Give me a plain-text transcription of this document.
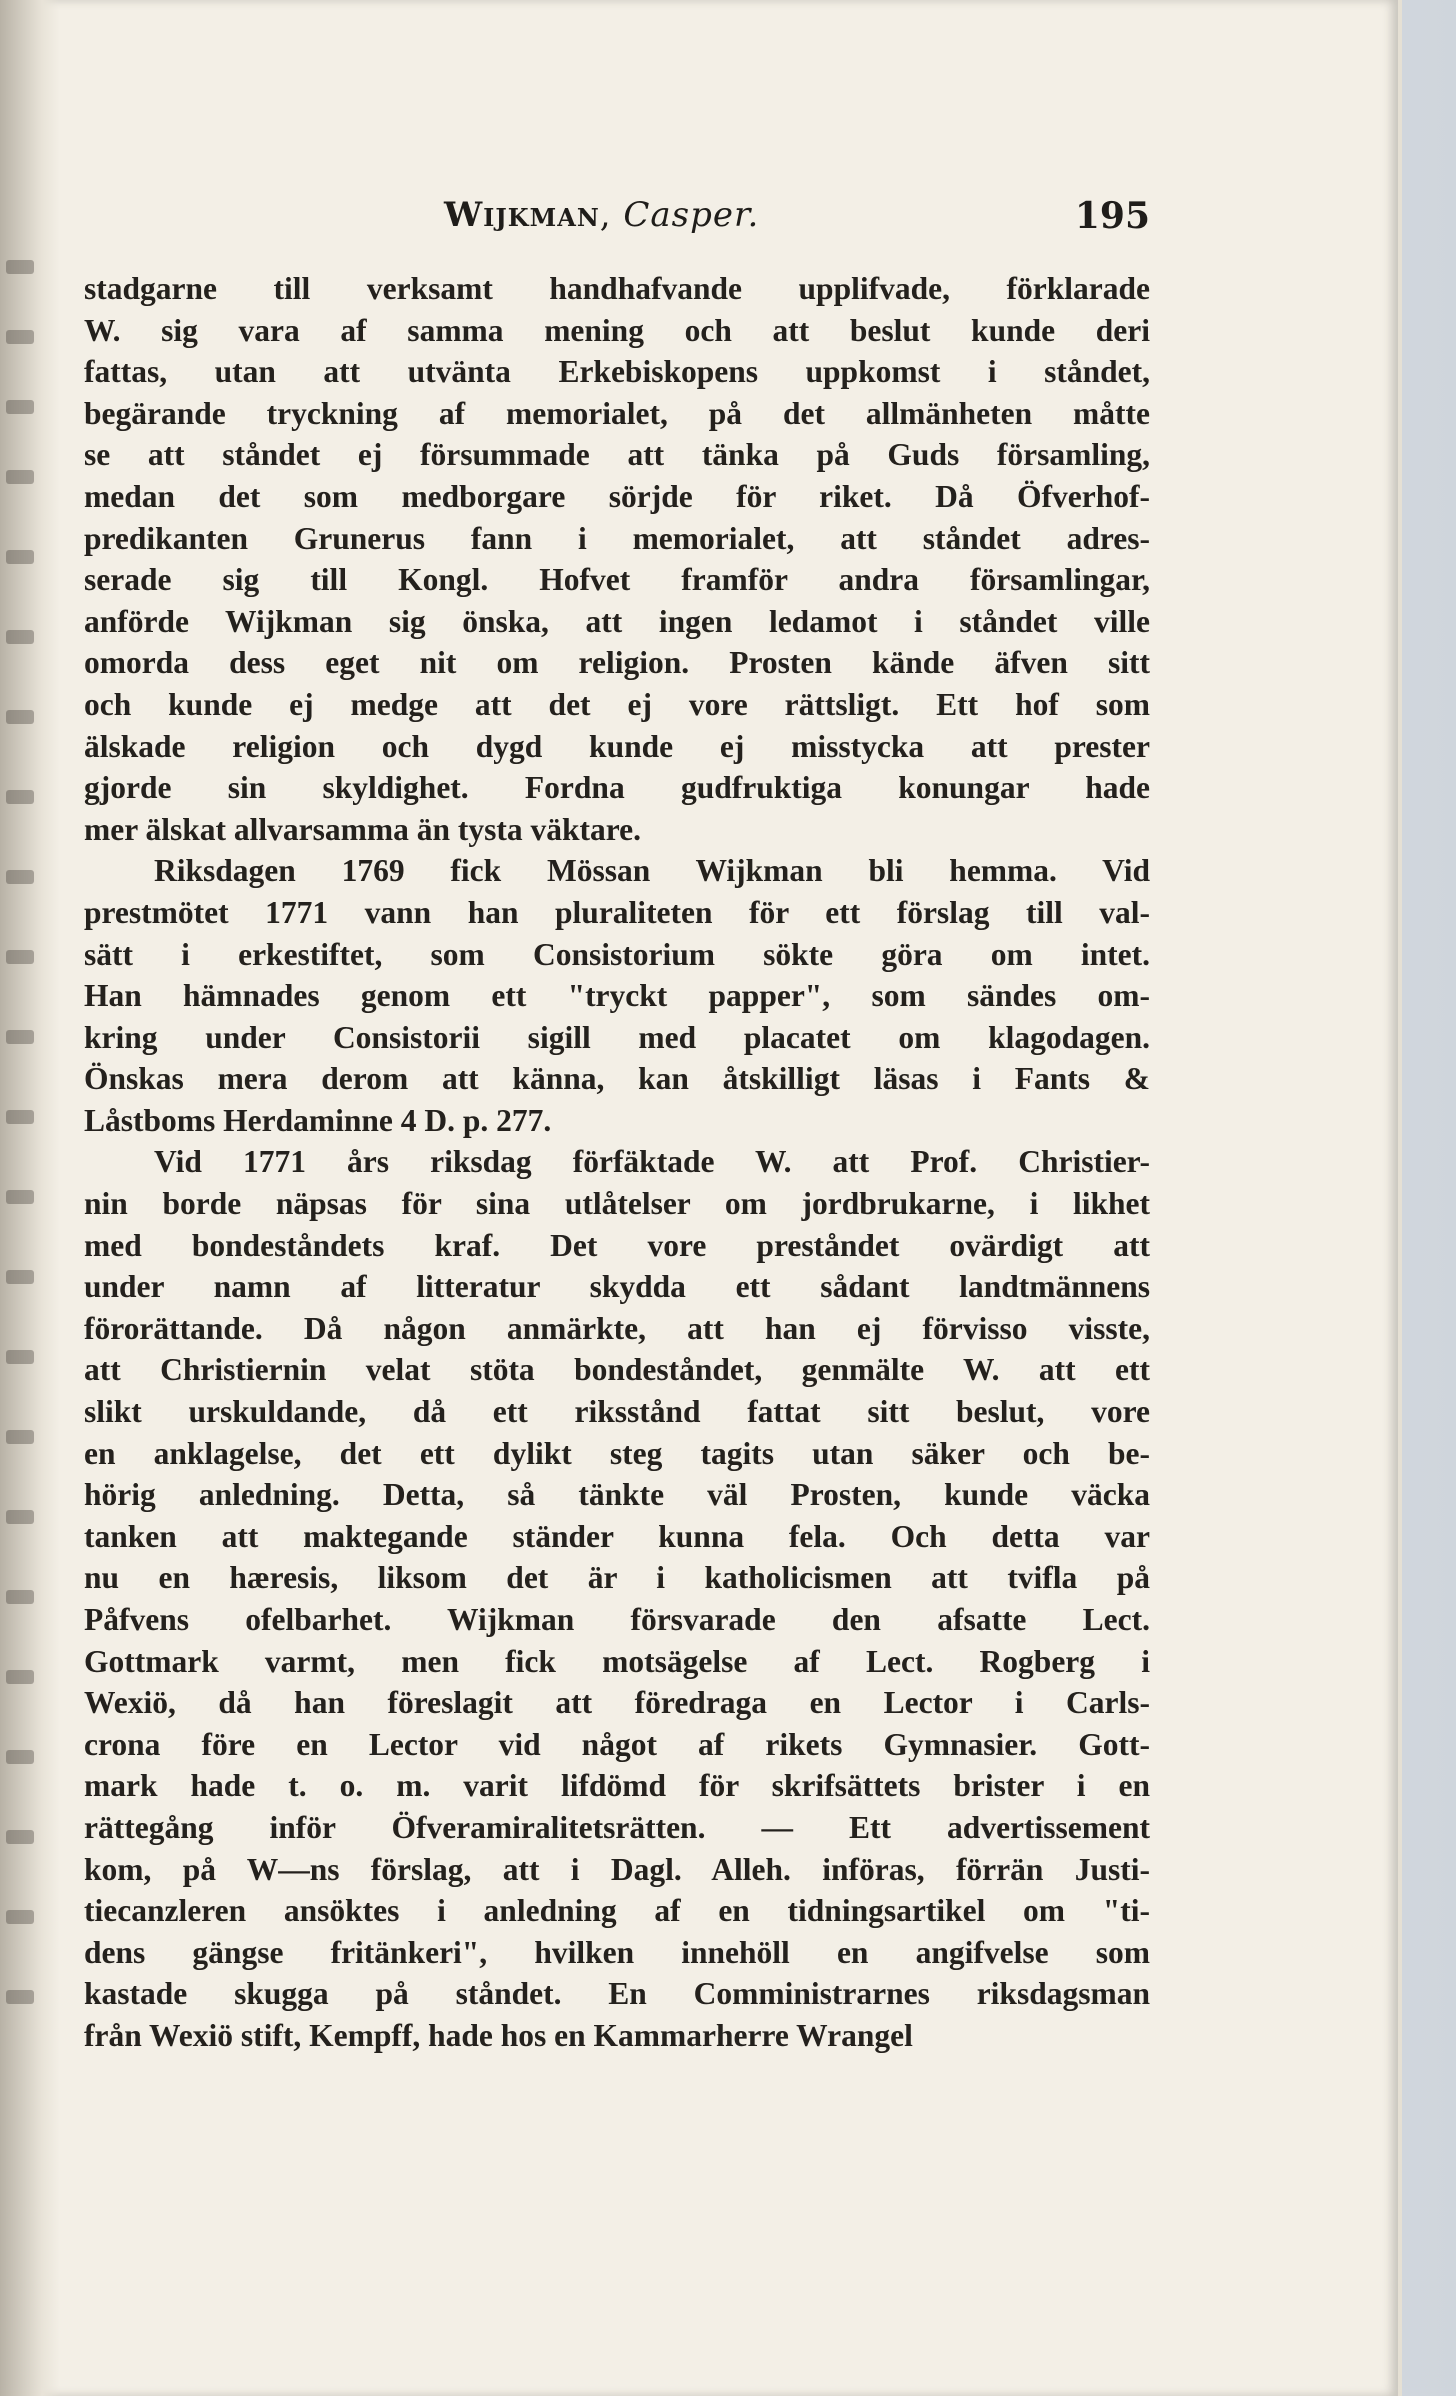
Wijkman, Casper.	195
stadgarne till verksamt handhafvande upplifvade, förklarade
W. sig vara af samma mening och att beslut kunde deri
fattas, utan att utvänta Erkebiskopens uppkomst i ståndet,
begärande tryckning af memorialet, på det allmänheten måtte
se att ståndet ej försummade att tänka på Guds församling,
medan det som medborgare sörjde för riket. Då Öfverhof-
predikanten Grunerus fann i memorialet, att ståndet adres-
serade sig till Kongl. Hofvet framför andra församlingar,
anförde Wijkman sig önska, att ingen ledamot i ståndet ville
omorda dess eget nit om religion. Prosten kände äfven sitt
och kunde ej medge att det ej vore rättsligt. Ett hof som
älskade religion och dygd kunde ej misstycka att prester
gjorde sin skyldighet. Fordna gudfruktiga konungar hade
mer älskat allvarsamma än tysta väktare.
Riksdagen 1769 fick Mössan Wijkman bli hemma. Vid
prestmötet 1771 vann han pluraliteten för ett förslag till val-
sätt i erkestiftet, som Consistorium sökte göra om intet.
Han hämnades genom ett "tryckt papper", som sändes om-
kring under Consistorii sigill med placatet om klagodagen.
Önskas mera derom att känna, kan åtskilligt läsas i Fants &
Låstboms Herdaminne 4 D. p. 277.
Vid 1771 års riksdag förfäktade W. att Prof. Christier-
nin borde näpsas för sina utlåtelser om jordbrukarne, i likhet
med bondeståndets kraf. Det vore preståndet ovärdigt att
under namn af litteratur skydda ett sådant landtmännens
förorättande. Då någon anmärkte, att han ej förvisso visste,
att Christiernin velat stöta bondeståndet, genmälte W. att ett
slikt urskuldande, då ett riksstånd fattat sitt beslut, vore
en anklagelse, det ett dylikt steg tagits utan säker och be-
hörig anledning. Detta, så tänkte väl Prosten, kunde väcka
tanken att maktegande ständer kunna fela. Och detta var
nu en hæresis, liksom det är i katholicismen att tvifla på
Påfvens ofelbarhet. Wijkman försvarade den afsatte Lect.
Gottmark varmt, men fick motsägelse af Lect. Rogberg i
Wexiö, då han föreslagit att föredraga en Lector i Carls-
crona före en Lector vid något af rikets Gymnasier. Gott-
mark hade t. o. m. varit lifdömd för skrifsättets brister i en
rättegång inför Öfveramiralitetsrätten. — Ett advertissement
kom, på W—ns förslag, att i Dagl. Alleh. införas, förrän Justi-
tiecanzleren ansöktes i anledning af en tidningsartikel om "ti-
dens gängse fritänkeri", hvilken innehöll en angifvelse som
kastade skugga på ståndet. En Comministrarnes riksdagsman
från Wexiö stift, Kempff, hade hos en Kammarherre Wrangel
